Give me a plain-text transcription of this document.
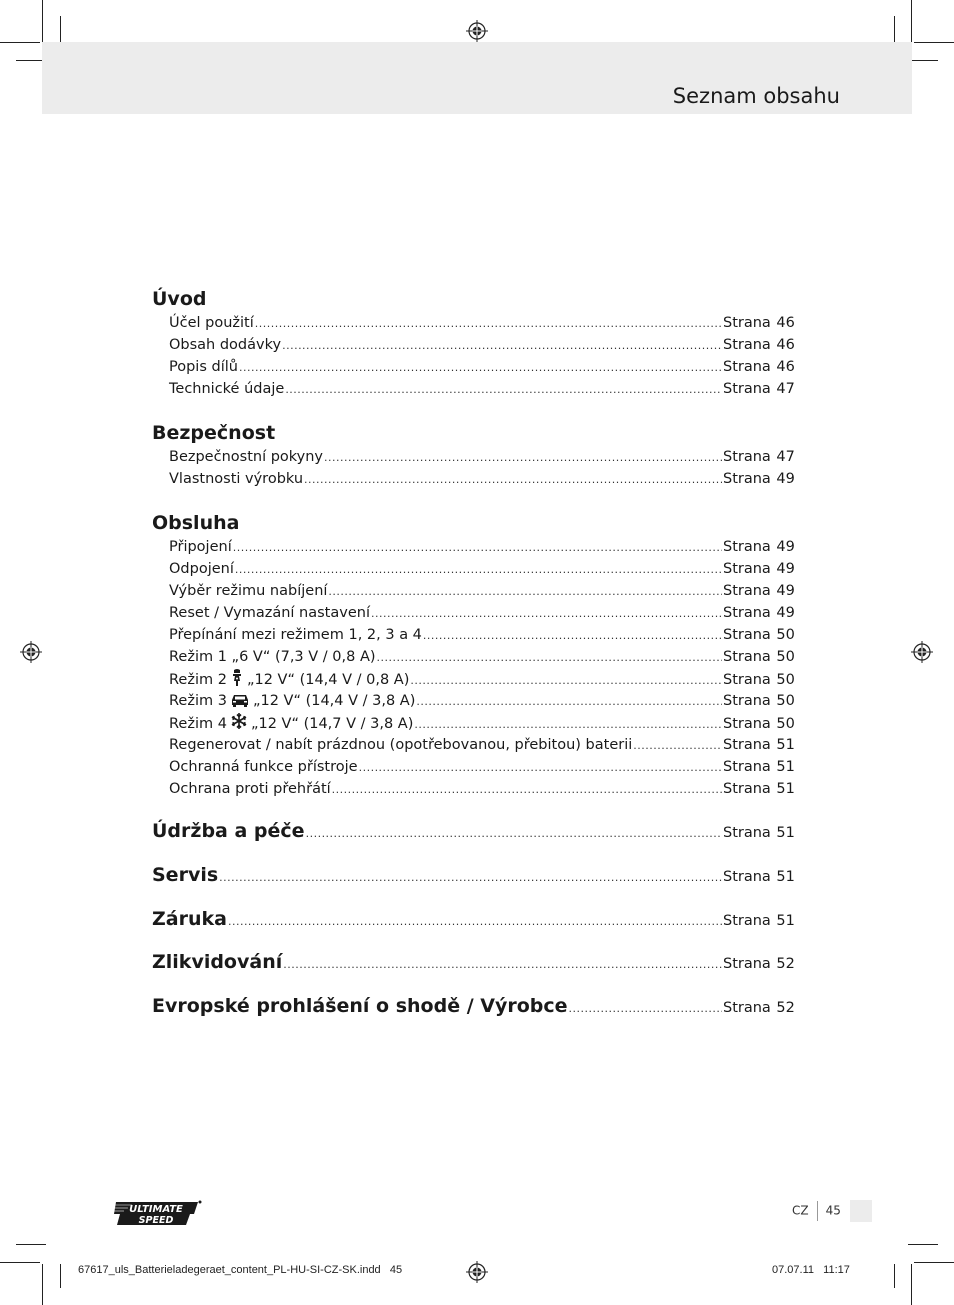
Seznam obsahu
Úvod
Účel použití .....	Strana 46
Obsah dodávky .....	Strana 46
Popis dílů .....	Strana 46
Technické údaje .....	Strana 47
Bezpečnost
Bezpečnostní pokyny .....	Strana 47
Vlastnosti výrobku .....	Strana 49
Obsluha
Připojení .....	Strana 49
Odpojení .....	Strana 49
Výběr režimu nabíjení .....	Strana 49
Reset / Vymazání nastavení .....	Strana 49
Přepínání mezi režimem 1, 2, 3 a 4 .....	Strana 50
Režim 1 „6 V“ (7,3 V / 0,8 A) .....	Strana 50
Režim 2 „12 V“ (14,4 V / 0,8 A) .....	Strana 50
Režim 3 „12 V“ (14,4 V / 3,8 A) .....	Strana 50
Režim 4 „12 V“ (14,7 V / 3,8 A) .....	Strana 50
Regenerovat / nabít prázdnou (opotřebovanou, přebitou) baterii .....	Strana 51
Ochranná funkce přístroje .....	Strana 51
Ochrana proti přehřátí .....	Strana 51
Údržba a péče .....	Strana 51
Servis .....	Strana 51
Záruka .....	Strana 51
Zlikvidování .....	Strana 52
Evropské prohlášení o shodě / Výrobce .....	Strana 52
ULTIMATE
SPEED
CZ 45
67617_uls_Batterieladegeraet_content_PL-HU-SI-CZ-SK.indd   45	07.07.11   11:17
